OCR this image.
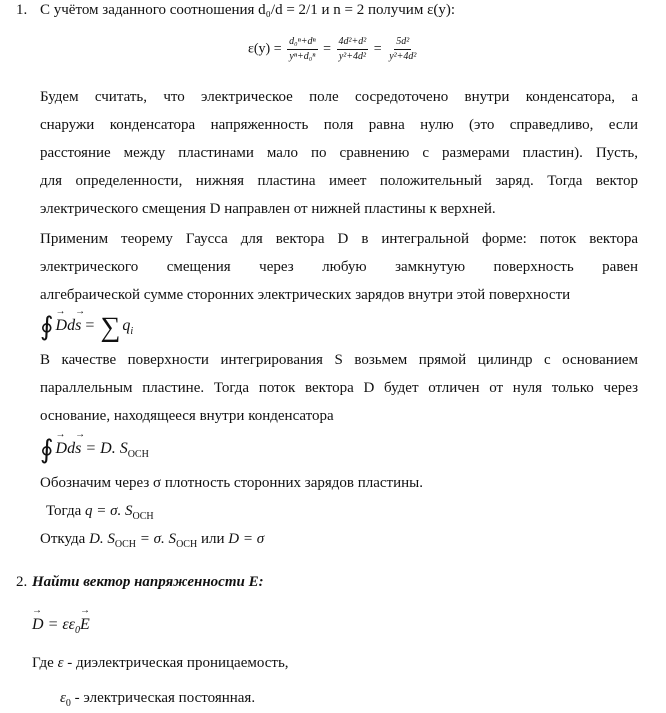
1. С учётом заданного соотношения d₀/d = 2/1 и n = 2 получим ε(y):
$\varepsilon(y) = \frac{\text{d₀ⁿ+dⁿ}}{\text{yⁿ+d₀ⁿ}} = \frac{\text{4d²+d²}}{\text{y²+4d²}} = \frac{\text{5d²}}{\text{y²+4d²}}$
Будем считать, что электрическое поле сосредоточено внутри конденсатора, а
снаружи конденсатора напряженность поля равна нулю (это справедливо, если
расстояние между пластинами мало по сравнению с размерами пластин). Пусть,
для определенности, нижняя пластина имеет положительный заряд. Тогда вектор
электрического смещения D направлен от нижней пластины к верхней.
Применим теорему Гаусса для вектора D в интегральной форме: поток вектора
электрического смещения через любую замкнутую поверхность равен
алгебраической сумме сторонних электрических зарядов внутри этой поверхности
∮ → Dd→ s = ∑ $q_i$
В качестве поверхности интегрирования S возьмем прямой цилиндр с основанием
параллельным пластине. Тогда поток вектора D будет отличен от нуля только через
основание, находящееся внутри конденсатора
∮ → Dd→ s = D. $S_{OCH}$
Обозначим через σ плотность сторонних зарядов пластины.
Тогда q = σ. $S_{OCH}$
Откуда D. $S_{OCH} = \sigma$. $S_{OCH}$ или D = σ
2. Найти вектор напряженности E:
→ $D = \varepsilon\varepsilon_0\to E$
Где ε - диэлектрическая проницаемость,
$\varepsilon_0$ - электрическая постоянная.
